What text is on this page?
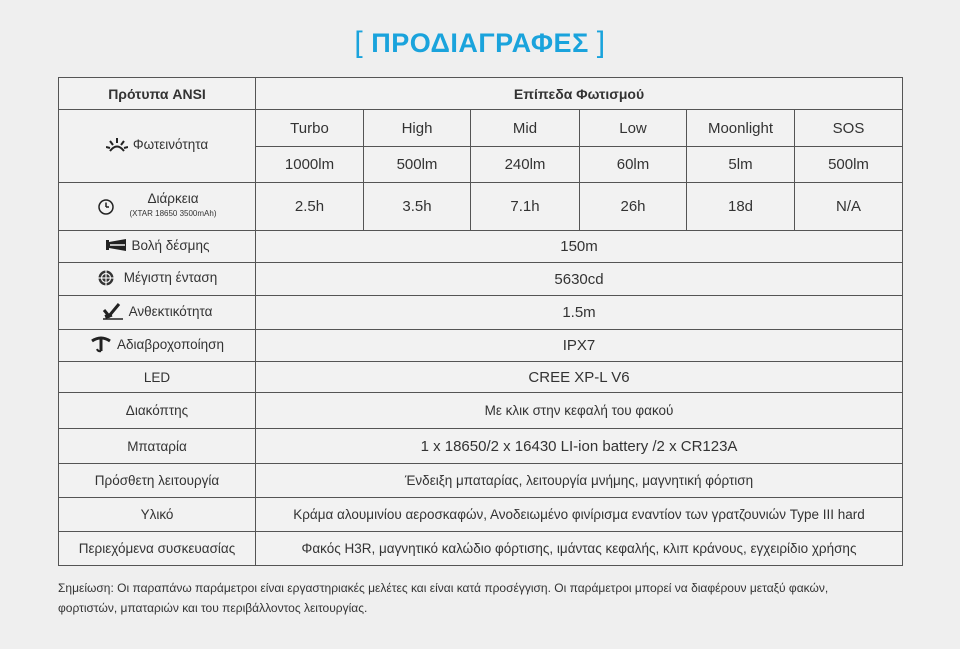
[ ΠΡΟΔΙΑΓΡΑΦΕΣ ]
Πρότυπα ANSI	Επίπεδα Φωτισμού					

Φωτεινότητα	Turbo	High	Mid	Low	Moonlight	SOS
	1000lm	500lm	240lm	60lm	5lm	500lm

Διάρκεια
(XTAR 18650 3500mAh)	2.5h	3.5h	7.1h	26h	18d	N/A

Βολή δέσμης	150m					

Μέγιστη ένταση	5630cd					

Ανθεκτικότητα	1.5m					

Αδιαβροχοποίηση	IPX7					
LED	CREE XP-L V6					
Διακόπτης	Με κλικ στην κεφαλή του φακού					
Μπαταρία	1 x 18650/2 x 16430 LI-ion battery /2 x CR123A					
Πρόσθετη λειτουργία	Ένδειξη μπαταρίας, λειτουργία μνήμης, μαγνητική φόρτιση					
Υλικό	Κράμα αλουμινίου αεροσκαφών, Ανοδειωμένο φινίρισμα εναντίον των γρατζουνιών Type III hard					
Περιεχόμενα συσκευασίας	Φακός H3R, μαγνητικό καλώδιο φόρτισης, ιμάντας κεφαλής, κλιπ κράνους, εγχειρίδιο χρήσης					
Σημείωση: Οι παραπάνω παράμετροι είναι εργαστηριακές μελέτες και είναι κατά προσέγγιση. Οι παράμετροι μπορεί να διαφέρουν μεταξύ φακών,
φορτιστών, μπαταριών και του περιβάλλοντος λειτουργίας.
